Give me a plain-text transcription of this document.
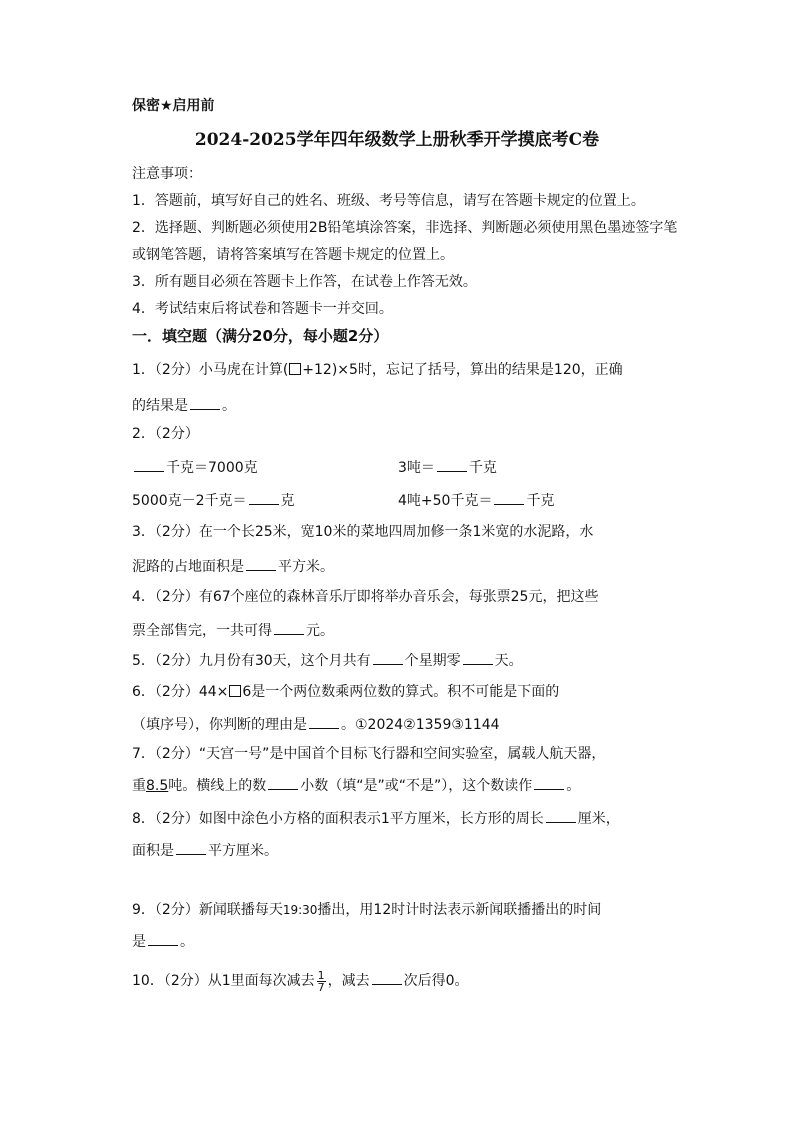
保密★启用前
2024-2025学年四年级数学上册秋季开学摸底考C卷
注意事项：
1．答题前，填写好自己的姓名、班级、考号等信息，请写在答题卡规定的位置上。
2．选择题、判断题必须使用2B铅笔填涂答案，非选择、判断题必须使用黑色墨迹签字笔
或钢笔答题，请将答案填写在答题卡规定的位置上。
3．所有题目必须在答题卡上作答，在试卷上作答无效。
4．考试结束后将试卷和答题卡一并交回。
一．填空题（满分20分，每小题2分）
1．（2分）小马虎在计算( +12)×5时，忘记了括号，算出的结果是120，正确
的结果是 。
2．（2分）
千克＝7000克	3吨＝ 千克
5000克－2千克＝ 克	4吨+50千克＝ 千克
3．（2分）在一个长25米，宽10米的菜地四周加修一条1米宽的水泥路，水
泥路的占地面积是 平方米。
4．（2分）有67个座位的森林音乐厅即将举办音乐会，每张票25元，把这些
票全部售完，一共可得 元。
5．（2分）九月份有30天，这个月共有 个星期零 天。
6．（2分）44× 6是一个两位数乘两位数的算式。积不可能是下面的
（填序号），你判断的理由是 。①2024②1359③1144
7．（2分）“天宫一号”是中国首个目标飞行器和空间实验室，属载人航天器，
重8.5吨。横线上的数 小数（填“是”或“不是”），这个数读作 。
8．（2分）如图中涂色小方格的面积表示1平方厘米，长方形的周长 厘米，
面积是 平方厘米。
9．（2分）新闻联播每天19:30播出，用12时计时法表示新闻联播播出的时间
是 。
10．（2分）从1里面每次减去 $\frac{1}{7}$ ，减去 次后得0。
